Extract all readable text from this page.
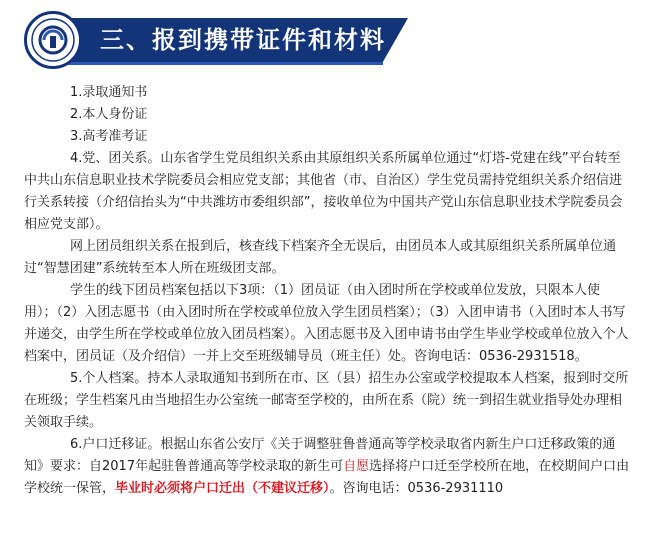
三、报到携带证件和材料

1.录取通知书

2.本人身份证

3.高考准考证

4.党、团关系。山东省学生党员组织关系由其原组织关系所属单位通过“灯塔-党建在线”平台转至中共山东信息职业技术学院委员会相应党支部；其他省（市、自治区）学生党员需持党组织关系介绍信进行关系转接（介绍信抬头为“中共潍坊市委组织部”，接收单位为中国共产党山东信息职业技术学院委员会相应党支部）。

网上团员组织关系在报到后，核查线下档案齐全无误后，由团员本人或其原组织关系所属单位通过“智慧团建”系统转至本人所在班级团支部。

学生的线下团员档案包括以下3项：（1）团员证（由入团时所在学校或单位发放，只限本人使用）；（2）入团志愿书（由入团时所在学校或单位放入学生团员档案）；（3）入团申请书（入团时本人书写并递交，由学生所在学校或单位放入团员档案）。入团志愿书及入团申请书由学生毕业学校或单位放入个人档案中，团员证（及介绍信）一并上交至班级辅导员（班主任）处。咨询电话：0536-2931518。

5.个人档案。持本人录取通知书到所在市、区（县）招生办公室或学校提取本人档案，报到时交所在班级；学生档案凡由当地招生办公室统一邮寄至学校的，由所在系（院）统一到招生就业指导处办理相关领取手续。

6.户口迁移证。根据山东省公安厅《关于调整驻鲁普通高等学校录取省内新生户口迁移政策的通知》要求：自2017年起驻鲁普通高等学校录取的新生可自愿选择将户口迁至学校所在地，在校期间户口由学校统一保管，毕业时必须将户口迁出（不建议迁移）。咨询电话：0536-2931110
